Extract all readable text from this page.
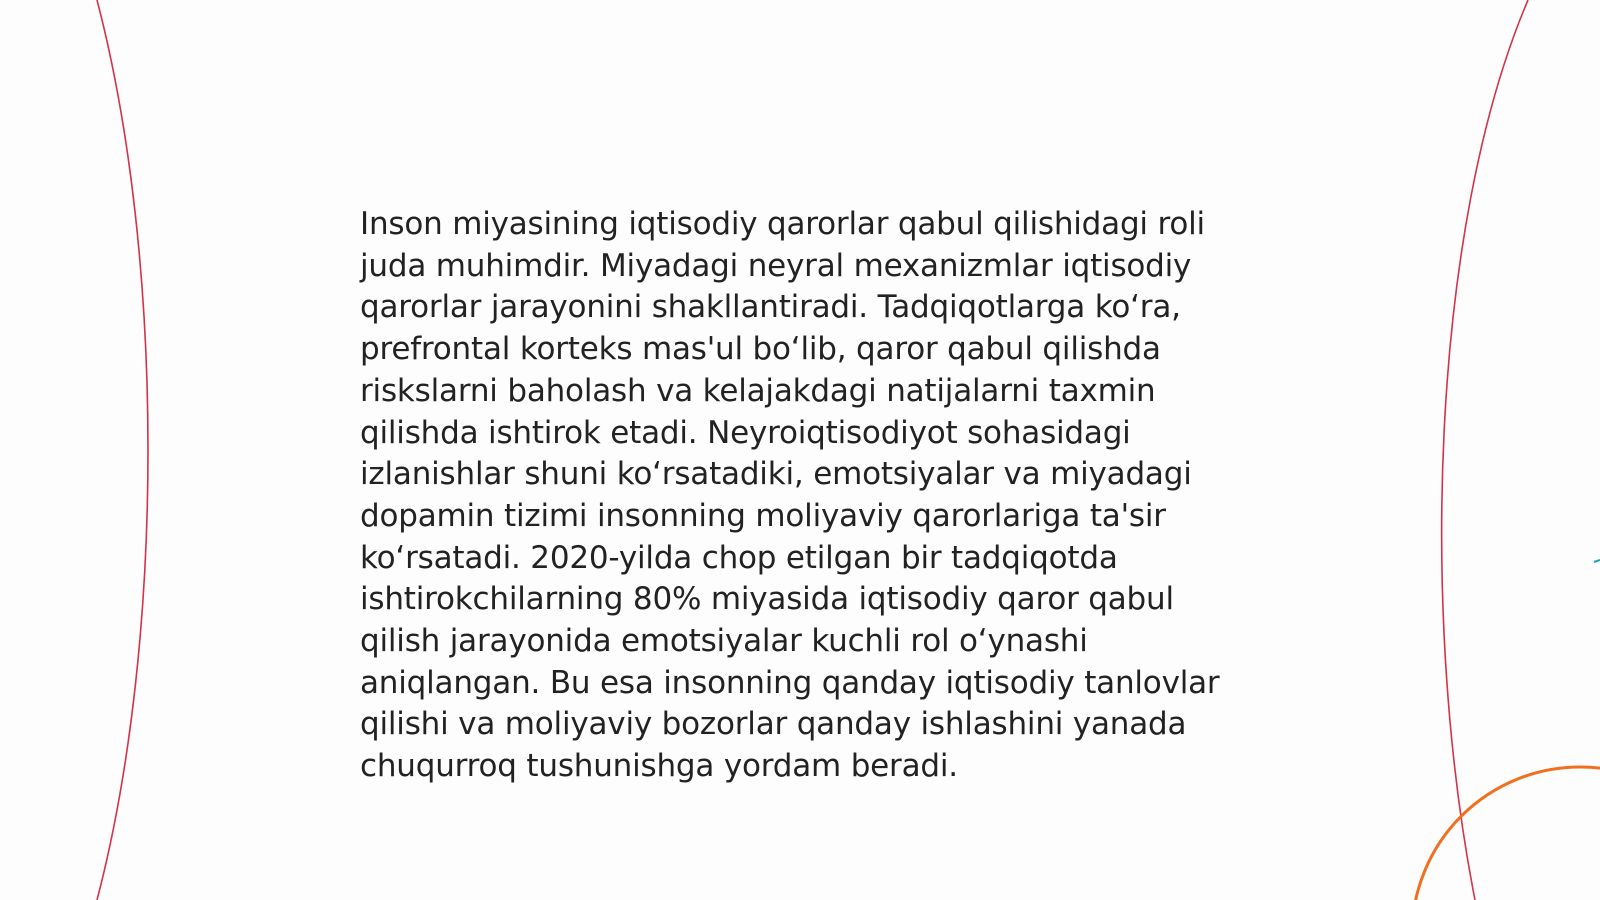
Inson miyasining iqtisodiy qarorlar qabul qilishidagi roli juda muhimdir. Miyadagi neyral mexanizmlar iqtisodiy qarorlar jarayonini shakllantiradi. Tadqiqotlarga koʻra, prefrontal korteks mas'ul boʻlib, qaror qabul qilishda riskslarni baholash va kelajakdagi natijalarni taxmin qilishda ishtirok etadi. Neyroiqtisodiyot sohasidagi izlanishlar shuni koʻrsatadiki, emotsiyalar va miyadagi dopamin tizimi insonning moliyaviy qarorlariga ta'sir koʻrsatadi. 2020-yilda chop etilgan bir tadqiqotda ishtirokchilarning 80% miyasida iqtisodiy qaror qabul qilish jarayonida emotsiyalar kuchli rol oʻynashi aniqlangan. Bu esa insonning qanday iqtisodiy tanlovlar qilishi va moliyaviy bozorlar qanday ishlashini yanada chuqurroq tushunishga yordam beradi.
